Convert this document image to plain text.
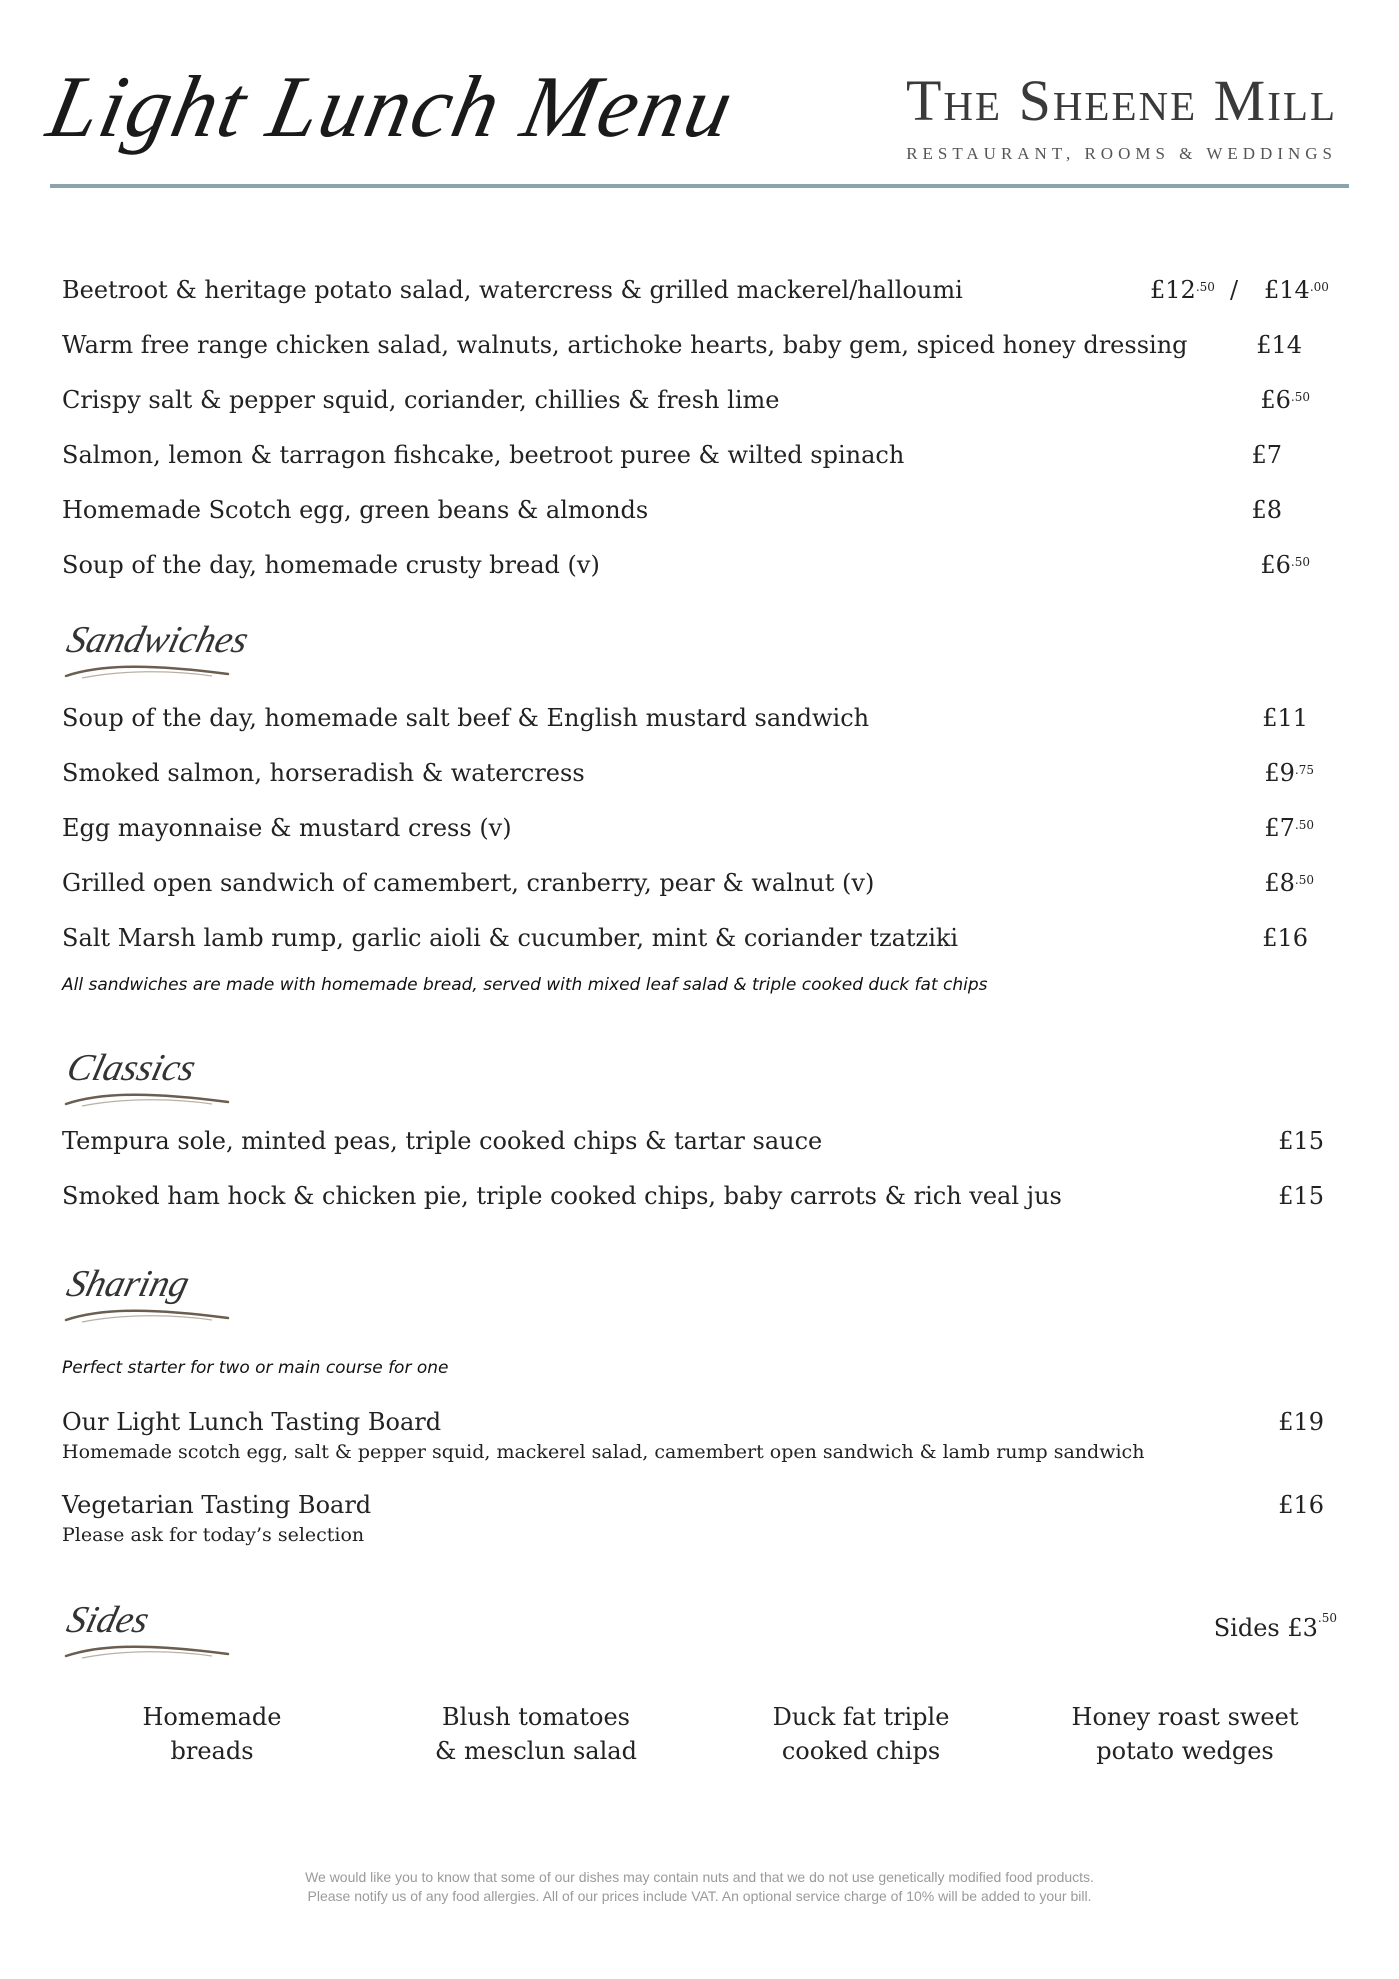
Light Lunch Menu	The Sheene Mill
RESTAURANT, ROOMS & WEDDINGS
Beetroot & heritage potato salad, watercress & grilled mackerel/halloumi	$£12^{.50}$ / $£14^{.00}$
Warm free range chicken salad, walnuts, artichoke hearts, baby gem, spiced honey dressing	£14
Crispy salt & pepper squid, coriander, chillies & fresh lime	$£6^{.50}$
Salmon, lemon & tarragon fishcake, beetroot puree & wilted spinach	£7
Homemade Scotch egg, green beans & almonds	£8
Soup of the day, homemade crusty bread (v)	$£6^{.50}$
Sandwiches
Soup of the day, homemade salt beef & English mustard sandwich	£11
Smoked salmon, horseradish & watercress	$£9^{.75}$
Egg mayonnaise & mustard cress (v)	$£7^{.50}$
Grilled open sandwich of camembert, cranberry, pear & walnut (v)	$£8^{.50}$
Salt Marsh lamb rump, garlic aioli & cucumber, mint & coriander tzatziki	£16
All sandwiches are made with homemade bread, served with mixed leaf salad & triple cooked duck fat chips
Classics
Tempura sole, minted peas, triple cooked chips & tartar sauce	£15
Smoked ham hock & chicken pie, triple cooked chips, baby carrots & rich veal jus	£15
Sharing
Perfect starter for two or main course for one
Our Light Lunch Tasting Board
Homemade scotch egg, salt & pepper squid, mackerel salad, camembert open sandwich & lamb rump sandwich
£19
Vegetarian Tasting Board
Please ask for today’s selection
£16
Sides	Sides $£3^{.50}$
Homemade
breads
Blush tomatoes
& mesclun salad
Duck fat triple
cooked chips
Honey roast sweet
potato wedges
We would like you to know that some of our dishes may contain nuts and that we do not use genetically modified food products.
Please notify us of any food allergies. All of our prices include VAT. An optional service charge of 10% will be added to your bill.
